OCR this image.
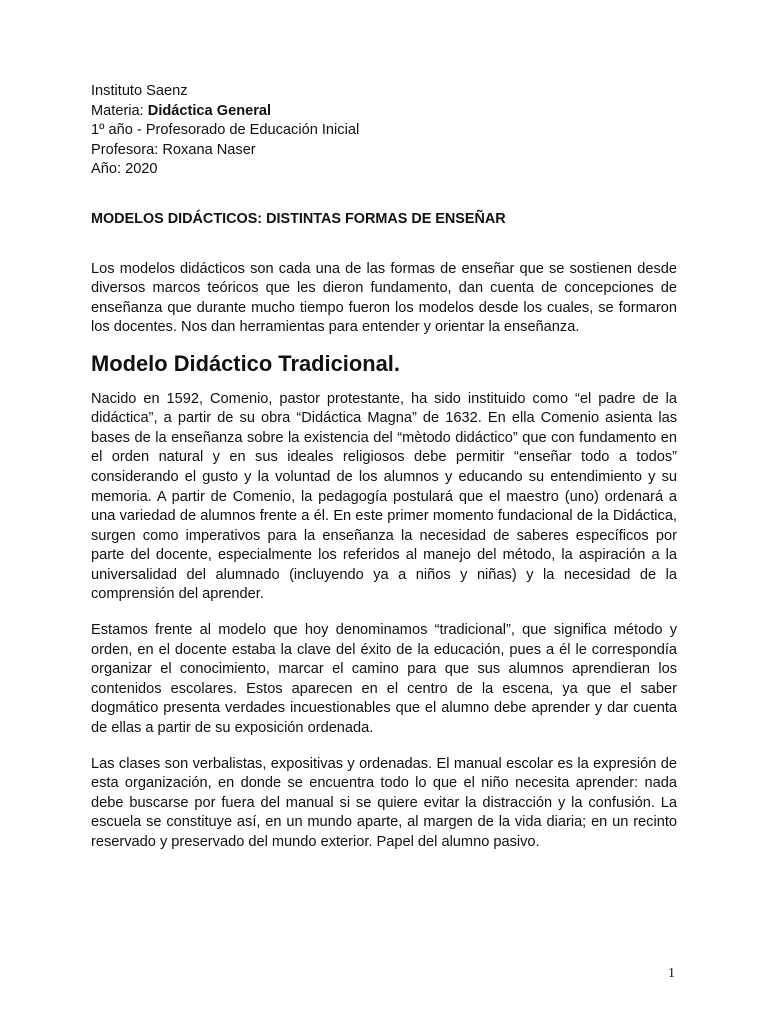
Instituto Saenz

Materia: Didáctica General

1º año - Profesorado de Educación Inicial

Profesora: Roxana Naser

Año: 2020

MODELOS DIDÁCTICOS: DISTINTAS FORMAS DE ENSEÑAR

Los modelos didácticos son cada una de las formas de enseñar que se sostienen desde diversos marcos teóricos que les dieron fundamento, dan cuenta de concepciones de enseñanza que durante mucho tiempo fueron los modelos desde los cuales, se formaron los docentes. Nos dan herramientas para entender y orientar la enseñanza.

Modelo Didáctico Tradicional.

Nacido en 1592, Comenio, pastor protestante, ha sido instituido como “el padre de la didáctica”, a partir de su obra “Didáctica Magna” de 1632. En ella Comenio asienta las bases de la enseñanza sobre la existencia del “mètodo didáctico” que con fundamento en el orden natural y en sus ideales religiosos debe permitir “enseñar todo a todos” considerando el gusto y la voluntad de los alumnos y educando su entendimiento y su memoria. A partir de Comenio, la pedagogía postulará que el maestro (uno) ordenará a una variedad de alumnos frente a él. En este primer momento fundacional de la Didáctica, surgen como imperativos para la enseñanza la necesidad de saberes específicos por parte del docente, especialmente los referidos al manejo del método, la aspiración a la universalidad del alumnado (incluyendo ya a niños y niñas) y la necesidad de la comprensión del aprender.

Estamos frente al modelo que hoy denominamos “tradicional”, que significa método y orden, en el docente estaba la clave del éxito de la educación, pues a él le correspondía organizar el conocimiento, marcar el camino para que sus alumnos aprendieran los contenidos escolares. Estos aparecen en el centro de la escena, ya que el saber dogmático presenta verdades incuestionables que el alumno debe aprender y dar cuenta de ellas a partir de su exposición ordenada.

Las clases son verbalistas, expositivas y ordenadas. El manual escolar es la expresión de esta organización, en donde se encuentra todo lo que el niño necesita aprender: nada debe buscarse por fuera del manual si se quiere evitar la distracción y la confusión. La escuela se constituye así, en un mundo aparte, al margen de la vida diaria; en un recinto reservado y preservado del mundo exterior. Papel del alumno pasivo.

1
